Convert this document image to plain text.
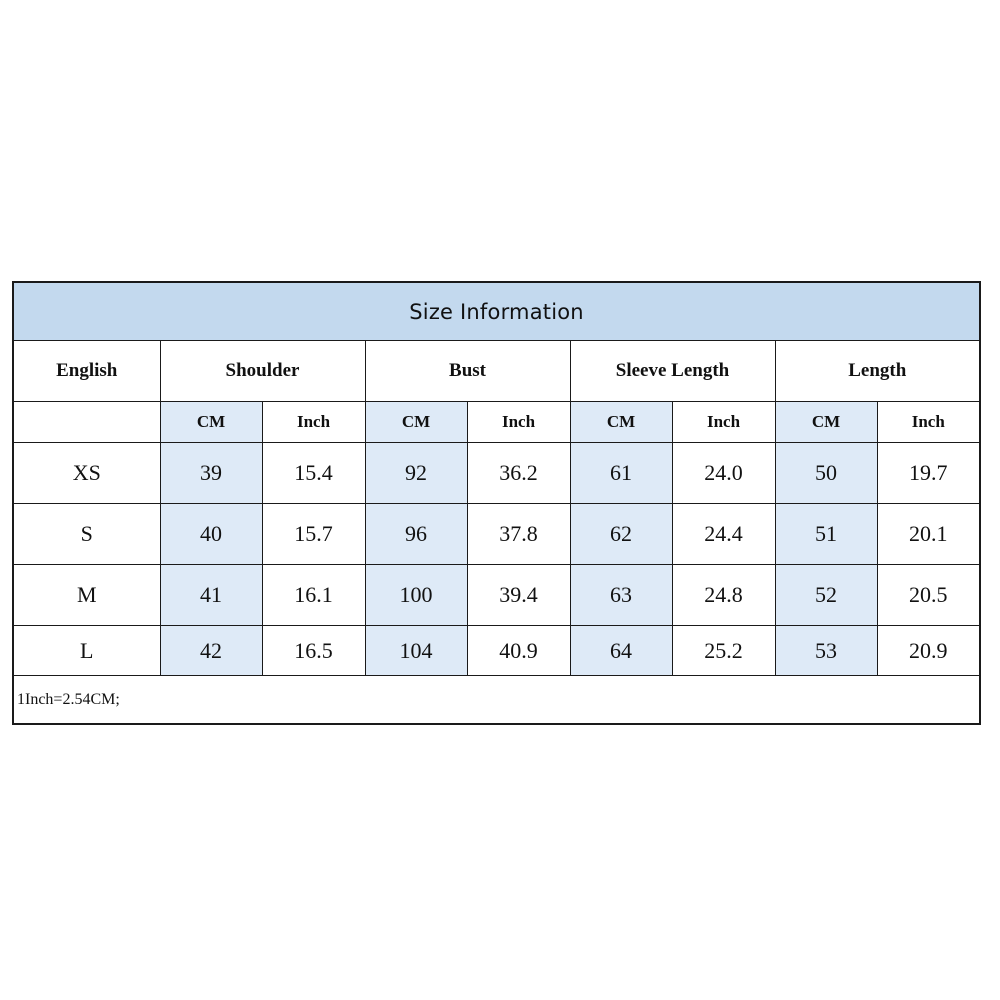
Size Information								
English	Shoulder		Bust		Sleeve Length		Length	
	CM	Inch	CM	Inch	CM	Inch	CM	Inch
XS	39	15.4	92	36.2	61	24.0	50	19.7
S	40	15.7	96	37.8	62	24.4	51	20.1
M	41	16.1	100	39.4	63	24.8	52	20.5
L	42	16.5	104	40.9	64	25.2	53	20.9
1Inch=2.54CM;								
